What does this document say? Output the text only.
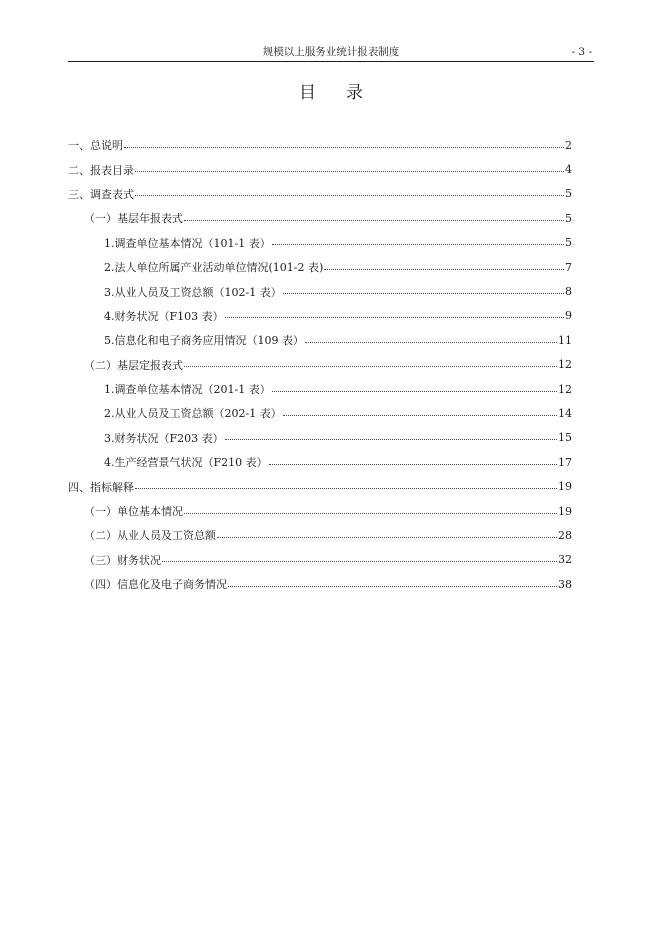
规模以上服务业统计报表制度	- 3 -
目录
一、总说明	2
二、报表目录	4
三、调查表式	5
（一）基层年报表式	5
1.调查单位基本情况（101-1 表）	5
2.法人单位所属产业活动单位情况(101-2 表)	7
3.从业人员及工资总额（102-1 表）	8
4.财务状况（F103 表）	9
5.信息化和电子商务应用情况（109 表）	11
（二）基层定报表式	12
1.调查单位基本情况（201-1 表）	12
2.从业人员及工资总额（202-1 表）	14
3.财务状况（F203 表）	15
4.生产经营景气状况（F210 表）	17
四、指标解释	19
（一）单位基本情况	19
（二）从业人员及工资总额	28
（三）财务状况	32
（四）信息化及电子商务情况	38
